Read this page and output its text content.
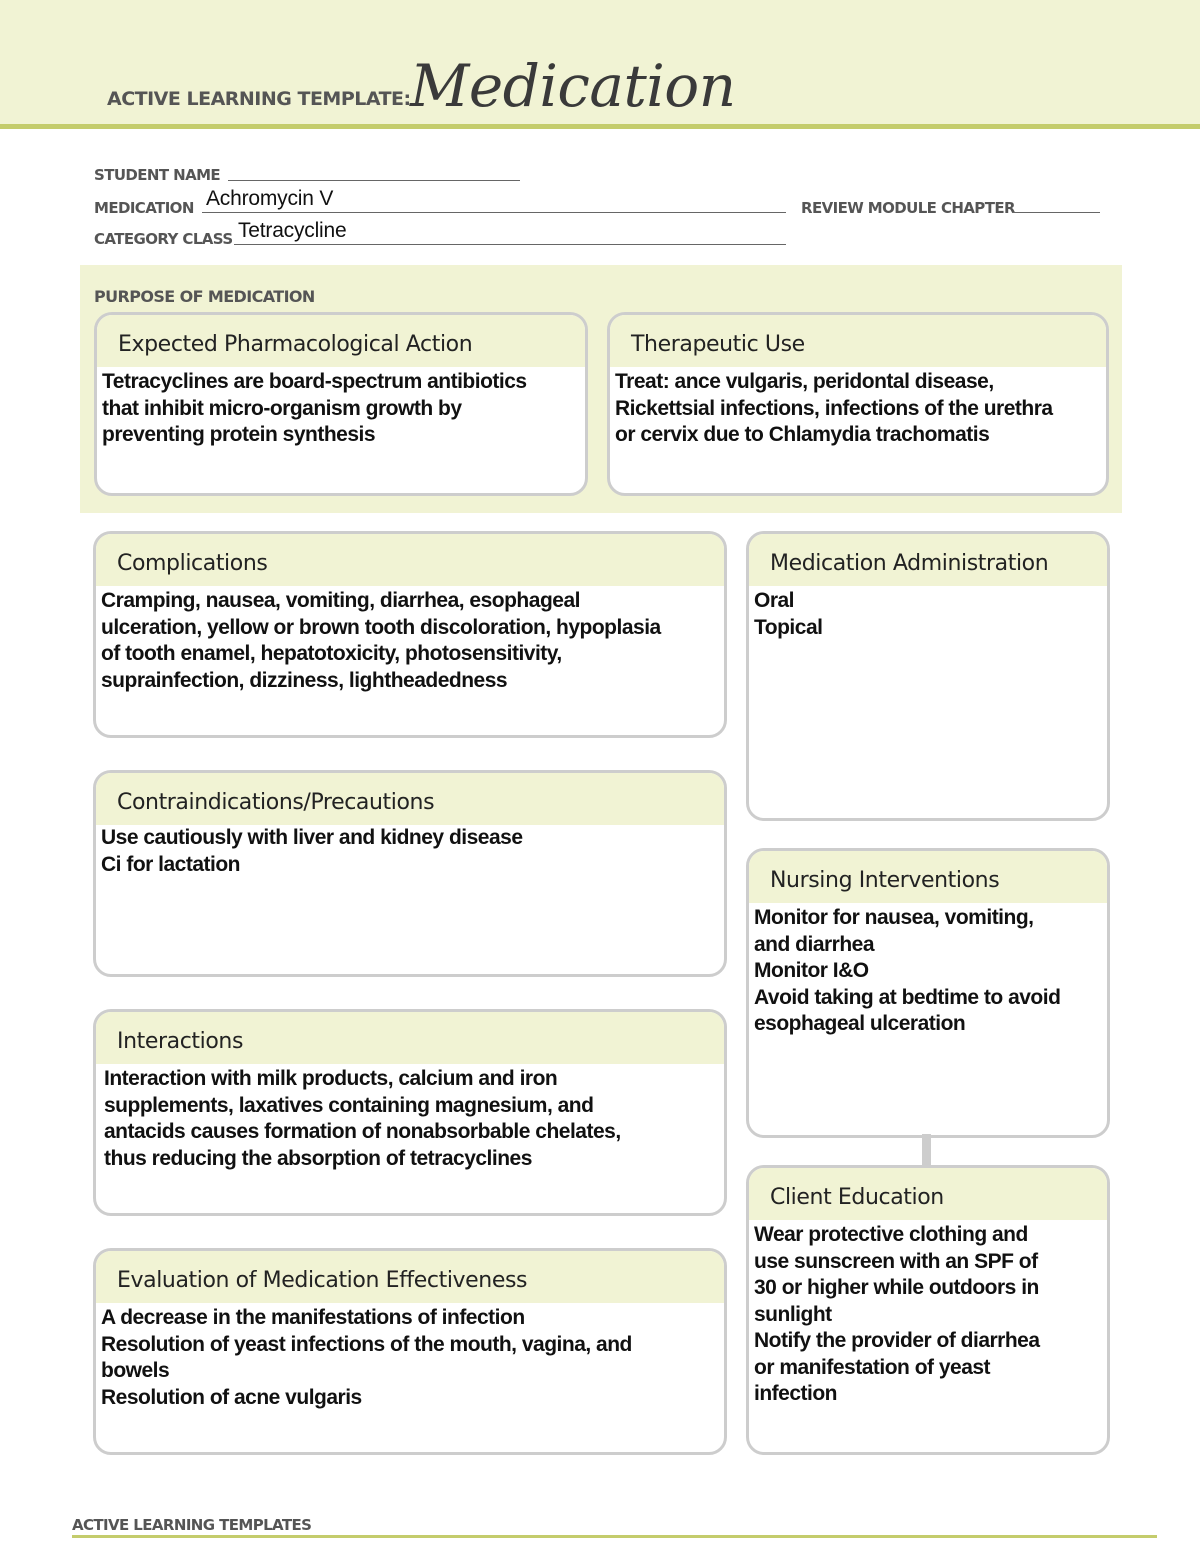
ACTIVE LEARNING TEMPLATE: Medication
STUDENT NAME
MEDICATION Achromycin V	REVIEW MODULE CHAPTER
CATEGORY CLASS Tetracycline
PURPOSE OF MEDICATION
Expected Pharmacological Action
Tetracyclines are board-spectrum antibiotics
that inhibit micro-organism growth by
preventing protein synthesis
Therapeutic Use
Treat: ance vulgaris, peridontal disease,
Rickettsial infections, infections of the urethra
or cervix due to Chlamydia trachomatis
Complications
Cramping, nausea, vomiting, diarrhea, esophageal
ulceration, yellow or brown tooth discoloration, hypoplasia
of tooth enamel, hepatotoxicity, photosensitivity,
suprainfection, dizziness, lightheadedness
Contraindications/Precautions
Use cautiously with liver and kidney disease
Ci for lactation
Interactions
Interaction with milk products, calcium and iron
supplements, laxatives containing magnesium, and
antacids causes formation of nonabsorbable chelates,
thus reducing the absorption of tetracyclines
Evaluation of Medication Effectiveness
A decrease in the manifestations of infection
Resolution of yeast infections of the mouth, vagina, and
bowels
Resolution of acne vulgaris
Medication Administration
Oral
Topical
Nursing Interventions
Monitor for nausea, vomiting,
and diarrhea
Monitor I&O
Avoid taking at bedtime to avoid
esophageal ulceration
Client Education
Wear protective clothing and
use sunscreen with an SPF of
30 or higher while outdoors in
sunlight
Notify the provider of diarrhea
or manifestation of yeast
infection
ACTIVE LEARNING TEMPLATES
